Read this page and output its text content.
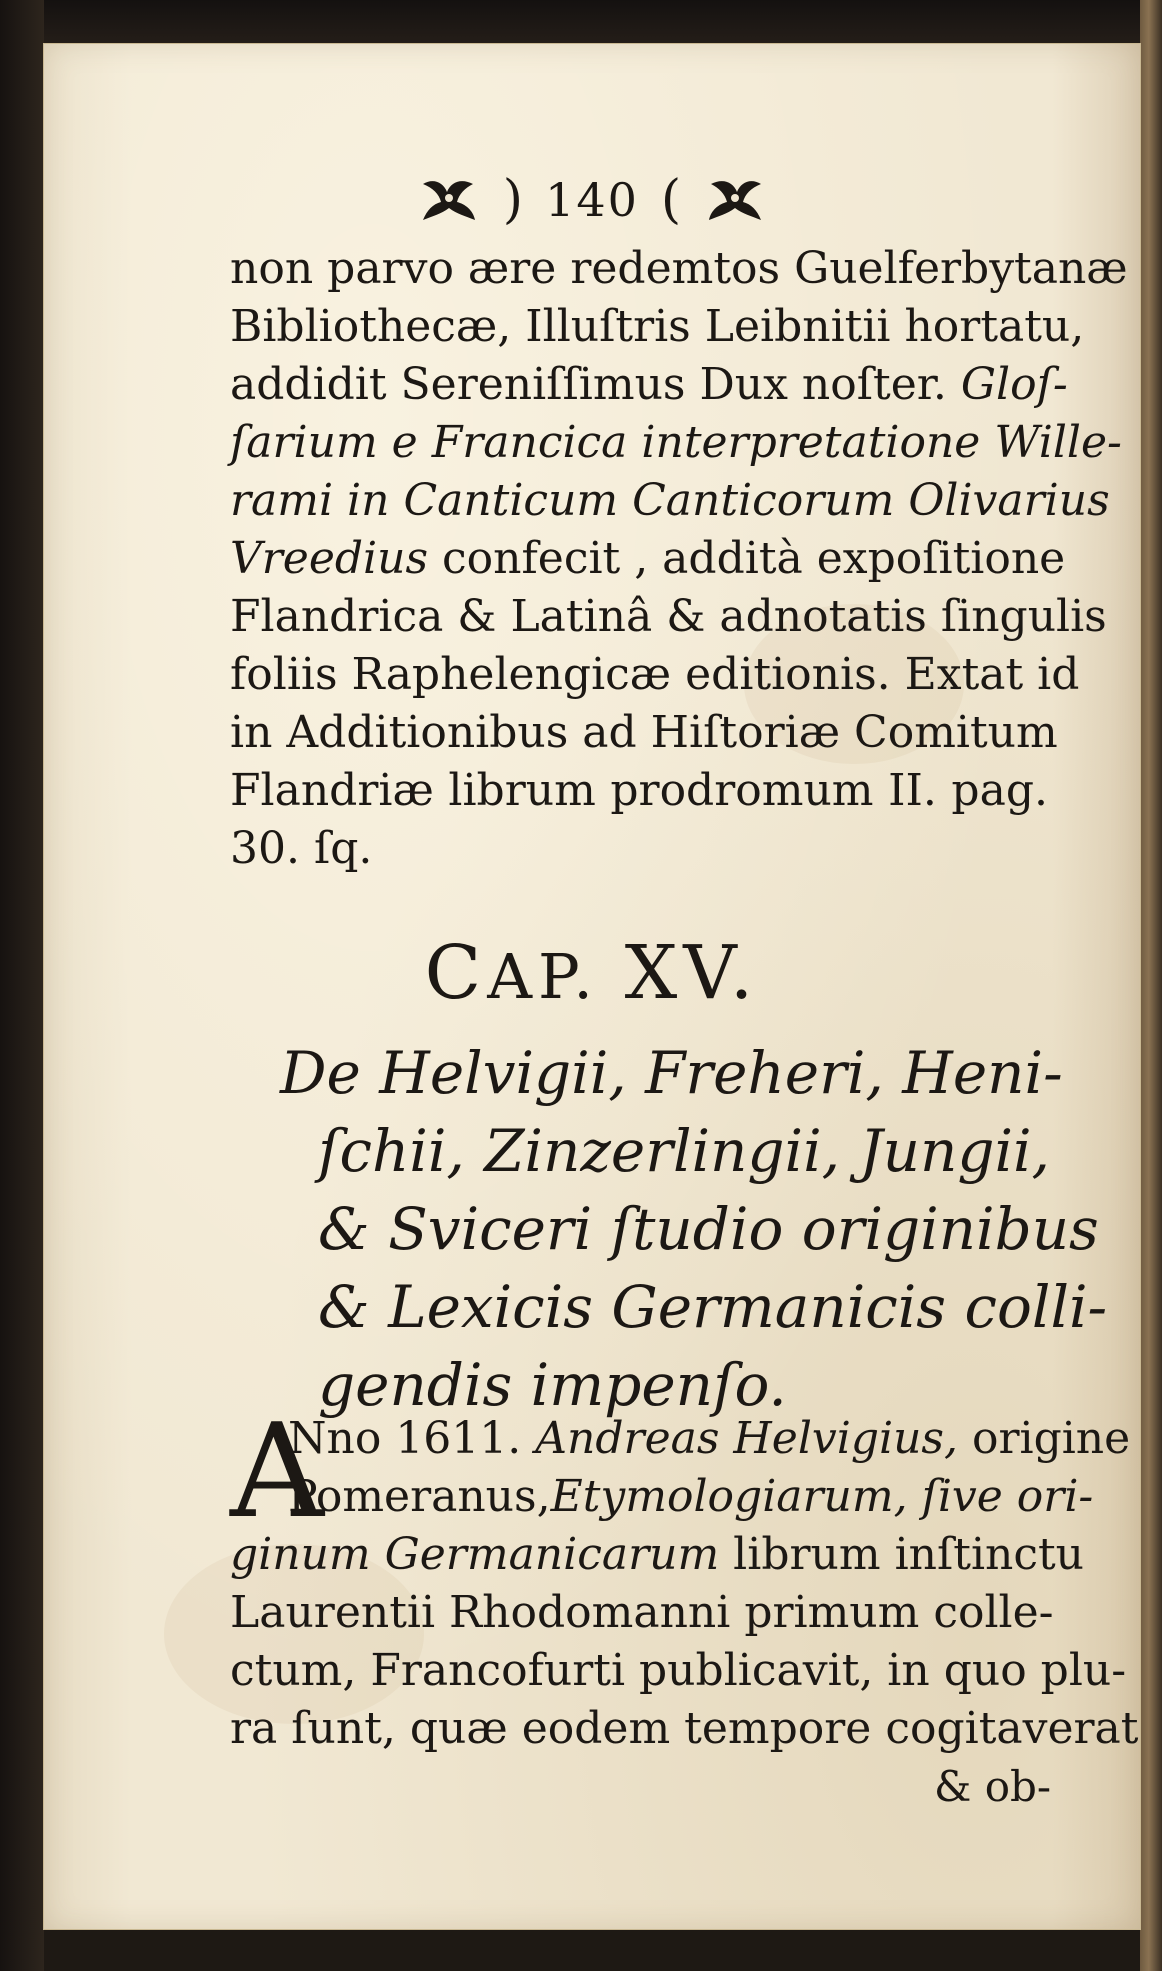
) 140 (
non parvo ære redemtos Guelferbytanæ
Bibliothecæ, Illuſtris Leibnitii hortatu,
addidit Sereniſſimus Dux noſter. Gloſ-
ſarium e Francica interpretatione Wille-
rami in Canticum Canticorum Olivarius
Vreedius confecit , addità expoſitione
Flandrica & Latinâ & adnotatis ſingulis
foliis Raphelengicæ editionis. Extat id
in Additionibus ad Hiſtoriæ Comitum
Flandriæ librum prodromum II. pag.
30. ſq.
CAP. XV.
De Helvigii, Freheri, Heni-
ſchii, Zinzerlingii, Jungii,
& Sviceri ſtudio originibus
& Lexicis Germanicis colli-
gendis impenſo.
A
Nno 1611. Andreas Helvigius, origine
Pomeranus,Etymologiarum, ſive ori-
ginum Germanicarum librum inſtinctu
Laurentii Rhodomanni primum colle-
ctum, Francofurti publicavit, in quo plu-
ra ſunt, quæ eodem tempore cogitaverat
& ob-
